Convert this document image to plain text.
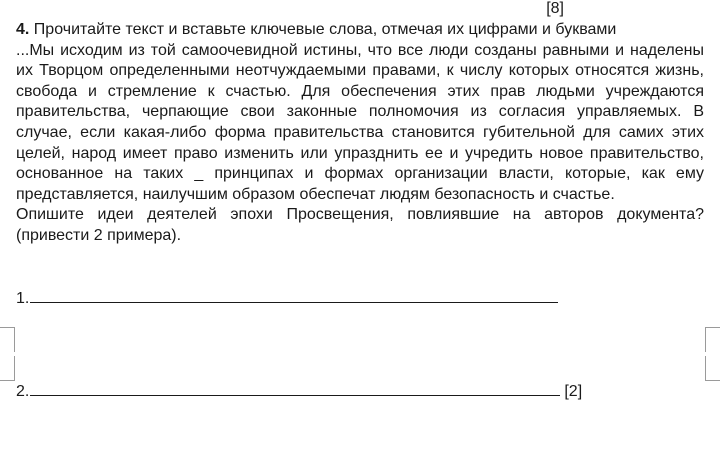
[8]
4. Прочитайте текст и вставьте ключевые слова, отмечая их цифрами и буквами

...Мы исходим из той самоочевидной истины, что все люди созданы равными и наделены их Творцом определенными неотчуждаемыми правами, к числу которых относятся жизнь, свобода и стремление к счастью. Для обеспечения этих прав людьми учреждаются правительства, черпающие свои законные полномочия из согласия управляемых. В случае, если какая-либо форма правительства становится губительной для самих этих целей, народ имеет право изменить или упразднить ее и учредить новое правительство, основанное на таких _ принципах и формах организации власти, которые, как ему представляется, наилучшим образом обеспечат людям безопасность и счастье.

Опишите идеи деятелей эпохи Просвещения, повлиявшие на авторов документа? (привести 2 примера).

1.
2.	[2]
